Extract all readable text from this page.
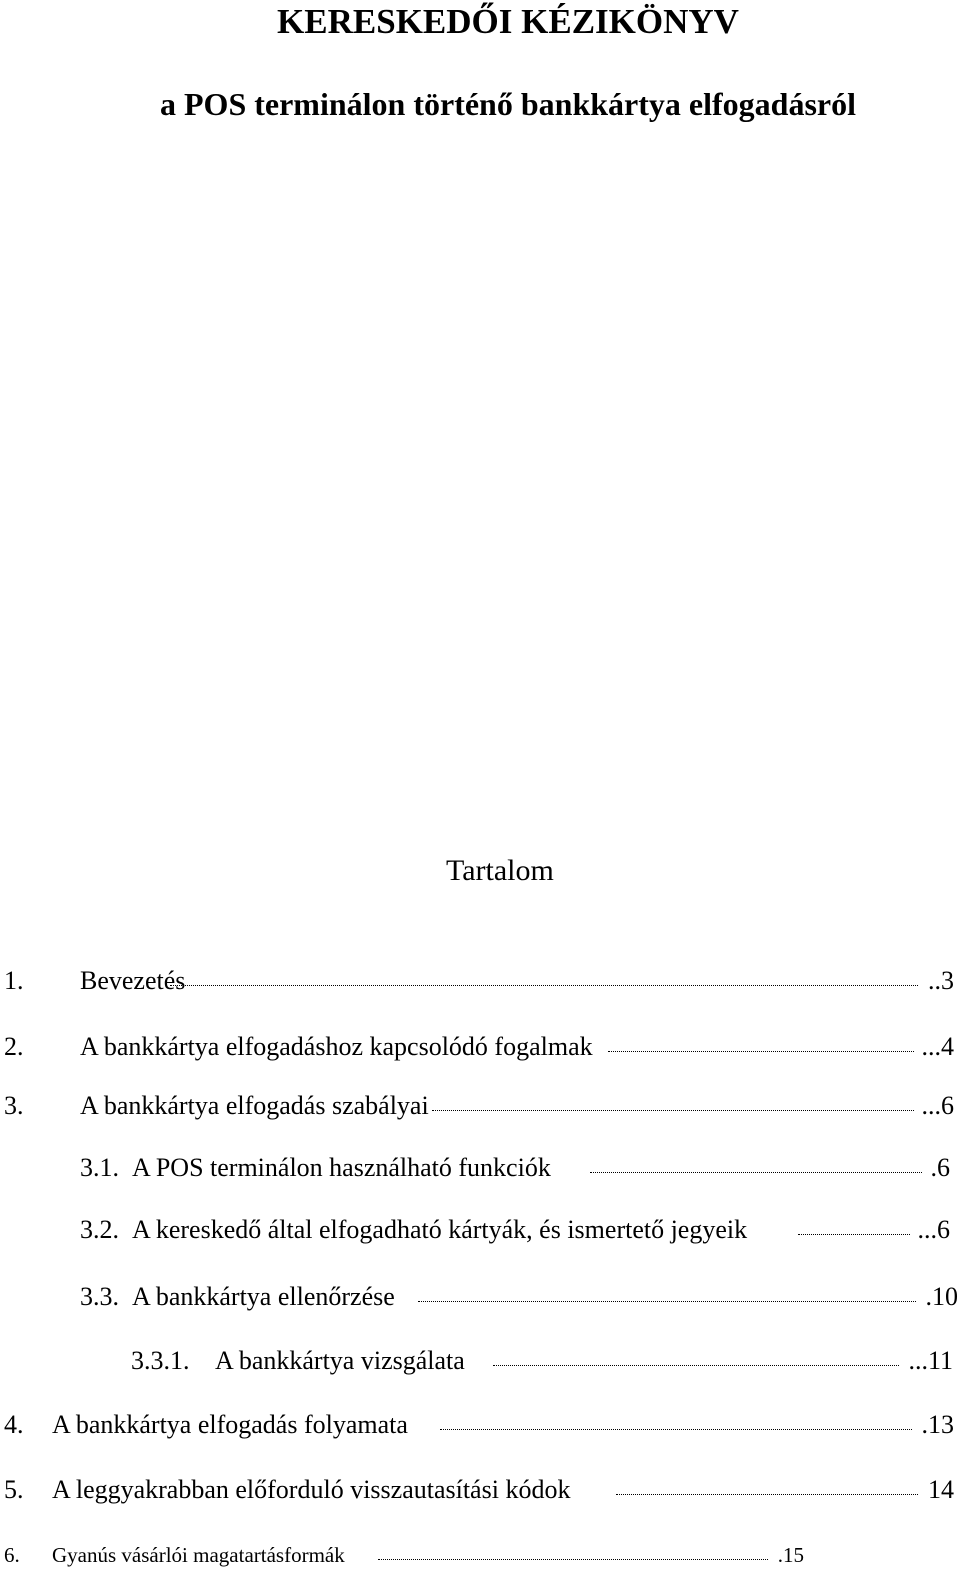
KERESKEDŐI KÉZIKÖNYV
a POS terminálon történő bankkártya elfogadásról
Tartalom
1. Bevezetés	..3
2. A bankkártya elfogadáshoz kapcsolódó fogalmak	...4
3. A bankkártya elfogadás szabályai	...6
3.1. A POS terminálon használható funkciók	.6
3.2. A kereskedő által elfogadható kártyák, és ismertető jegyeik	...6
3.3. A bankkártya ellenőrzése	.10
3.3.1. A bankkártya vizsgálata	...11
4. A bankkártya elfogadás folyamata	.13
5. A leggyakrabban előforduló visszautasítási kódok	14
6. Gyanús vásárlói magatartásformák	.15
